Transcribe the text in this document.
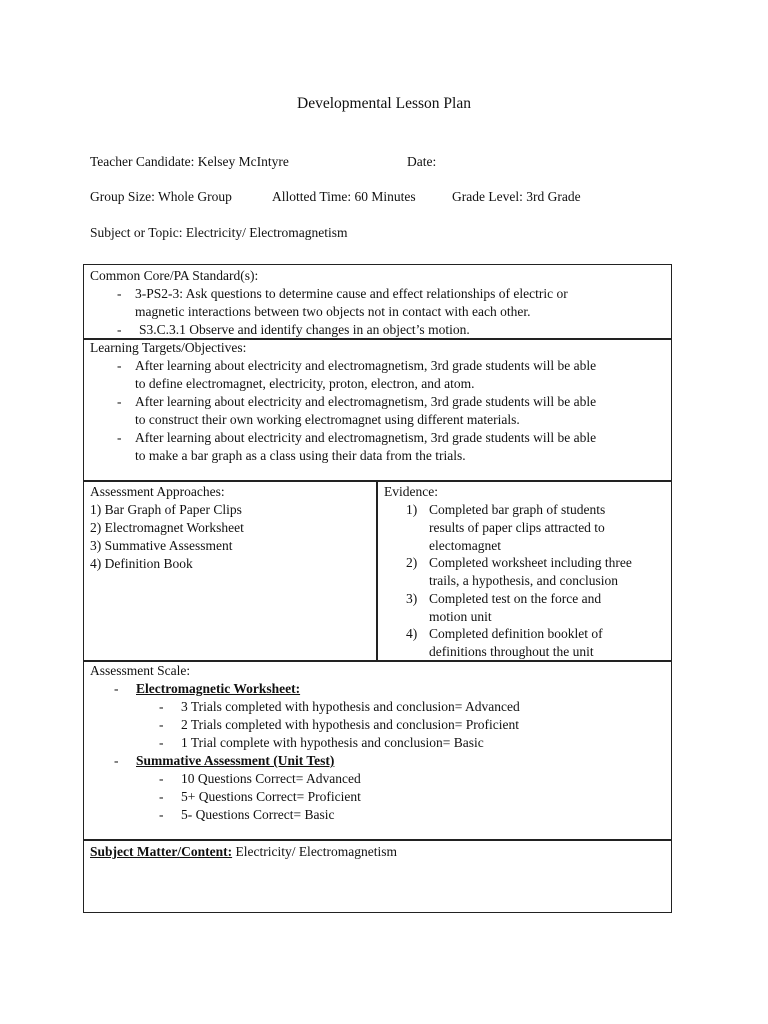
Developmental Lesson Plan
Teacher Candidate: Kelsey McIntyre	Date:
Group Size: Whole Group	Allotted Time: 60 Minutes	Grade Level: 3rd Grade
Subject or Topic: Electricity/ Electromagnetism
Common Core/PA Standard(s):
- 3-PS2-3: Ask questions to determine cause and effect relationships of electric or
magnetic interactions between two objects not in contact with each other.
- S3.C.3.1 Observe and identify changes in an object’s motion.
Learning Targets/Objectives:
- After learning about electricity and electromagnetism, 3rd grade students will be able
to define electromagnet, electricity, proton, electron, and atom.
- After learning about electricity and electromagnetism, 3rd grade students will be able
to construct their own working electromagnet using different materials.
- After learning about electricity and electromagnetism, 3rd grade students will be able
to make a bar graph as a class using their data from the trials.
Assessment Approaches:
1) Bar Graph of Paper Clips
2) Electromagnet Worksheet
3) Summative Assessment
4) Definition Book
Evidence:
1) Completed bar graph of students
results of paper clips attracted to
electomagnet
2) Completed worksheet including three
trails, a hypothesis, and conclusion
3) Completed test on the force and
motion unit
4) Completed definition booklet of
definitions throughout the unit
Assessment Scale:
- Electromagnetic Worksheet:
- 3 Trials completed with hypothesis and conclusion= Advanced
- 2 Trials completed with hypothesis and conclusion= Proficient
- 1 Trial complete with hypothesis and conclusion= Basic
- Summative Assessment (Unit Test)
- 10 Questions Correct= Advanced
- 5+ Questions Correct= Proficient
- 5- Questions Correct= Basic
Subject Matter/Content: Electricity/ Electromagnetism
